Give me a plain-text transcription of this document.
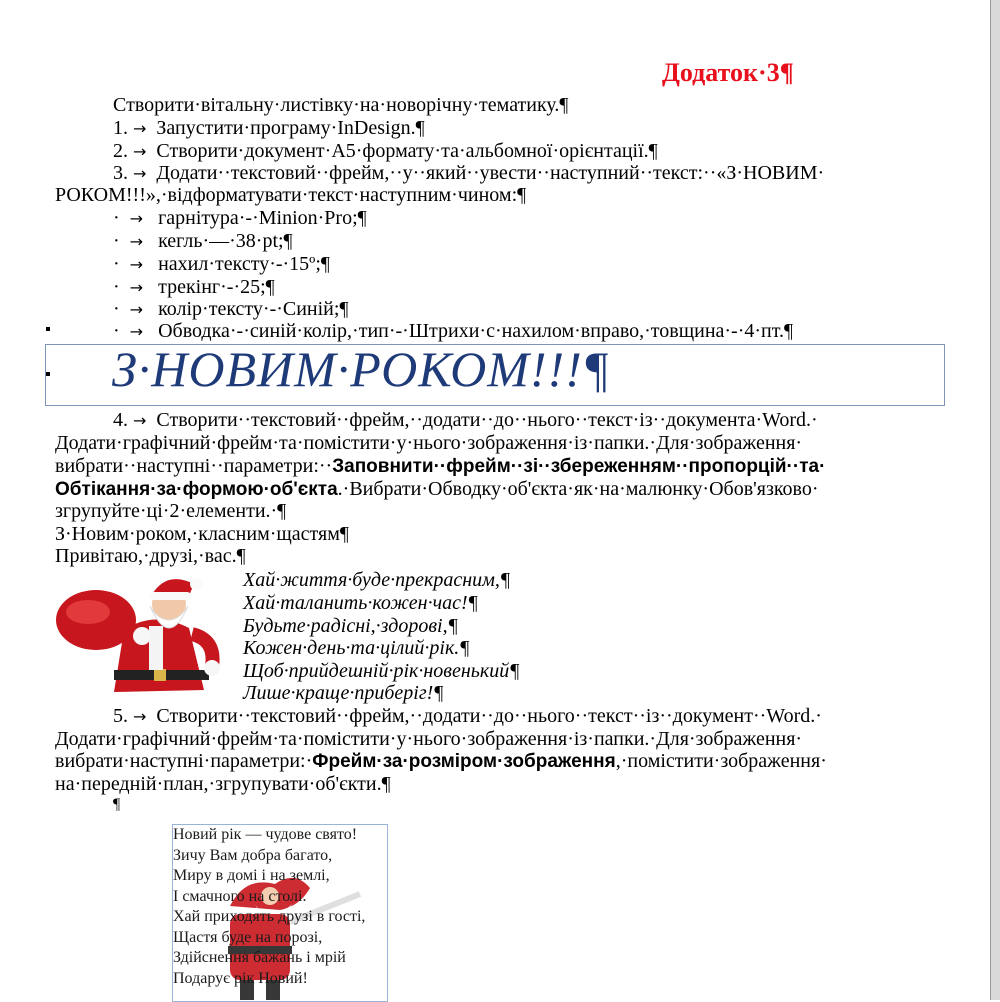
Додаток·3¶
Створити·вітальну·листівку·на·новорічну·тематику.¶
1. → Запустити·програму·InDesign.¶
2. → Створити·документ·А5·формату·та·альбомної·орієнтації.¶
3. → Додати··текстовий··фрейм,··у··який··увести··наступний··текст:··«З·НОВИМ·
РОКОМ!!!»,·відформатувати·текст·наступним·чином:¶
· → гарнітура·-·Minion·Pro;¶
· → кегль·—·38·pt;¶
· → нахил·тексту·-·15º;¶
· → трекінг·-·25;¶
· → колір·тексту·-·Синій;¶
· → Обводка·-·синій·колір,·тип·-·Штрихи·с·нахилом·вправо,·товщина·-·4·пт.¶
З·НОВИМ·РОКОМ!!!¶
4. → Створити··текстовий··фрейм,··додати··до··нього··текст·із··документа·Word.·
Додати·графічний·фрейм·та·помістити·у·нього·зображення·із·папки.·Для·зображення·
вибрати··наступні··параметри:··Заповнити··фрейм··зі··збереженням··пропорцій··та·
Обтікання·за·формою·об'єкта.·Вибрати·Обводку·об'єкта·як·на·малюнку·Обов'язково·
згрупуйте·ці·2·елементи.·¶
З·Новим·роком,·класним·щастям¶
Привітаю,·друзі,·вас.¶
Хай·життя·буде·прекрасним,¶
Хай·таланить·кожен·час!¶
Будьте·радісні,·здорові,¶
Кожен·день·та·цілий·рік.¶
Щоб·прийдешній·рік·новенький¶
Лише·краще·приберіг!¶
5. → Створити··текстовий··фрейм,··додати··до··нього··текст··із··документ··Word.·
Додати·графічний·фрейм·та·помістити·у·нього·зображення·із·папки.·Для·зображення·
вибрати·наступні·параметри:·Фрейм·за·розміром·зображення,·помістити·зображення·
на·передній·план,·згрупувати·об'єкти.¶
¶
Новий рік — чудове свято!
Зичу Вам добра багато,
Миру в домі і на землі,
І смачного на столі.
Хай приходять друзі в гості,
Щастя буде на порозі,
Здійснення бажань і мрій
Подарує рік Новий!
